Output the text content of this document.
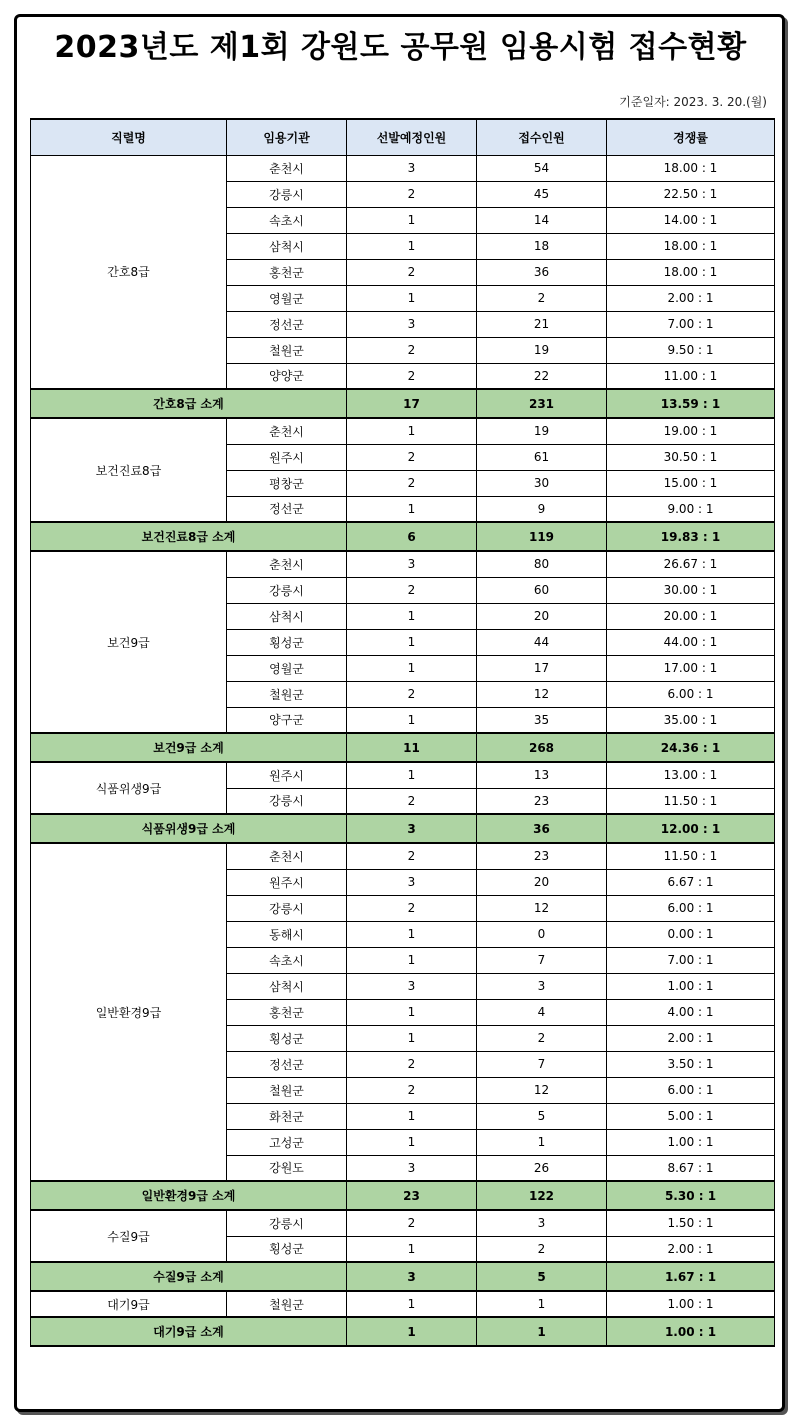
2023년도 제1회 강원도 공무원 임용시험 접수현황
기준일자: 2023. 3. 20.(월)
직렬명	임용기관	선발예정인원	접수인원	경쟁률
간호8급	춘천시	3	54	18.00 : 1
	강릉시	2	45	22.50 : 1
	속초시	1	14	14.00 : 1
	삼척시	1	18	18.00 : 1
	홍천군	2	36	18.00 : 1
	영월군	1	2	2.00 : 1
	정선군	3	21	7.00 : 1
	철원군	2	19	9.50 : 1
	양양군	2	22	11.00 : 1
간호8급 소계		17	231	13.59 : 1
보건진료8급	춘천시	1	19	19.00 : 1
	원주시	2	61	30.50 : 1
	평창군	2	30	15.00 : 1
	정선군	1	9	9.00 : 1
보건진료8급 소계		6	119	19.83 : 1
보건9급	춘천시	3	80	26.67 : 1
	강릉시	2	60	30.00 : 1
	삼척시	1	20	20.00 : 1
	횡성군	1	44	44.00 : 1
	영월군	1	17	17.00 : 1
	철원군	2	12	6.00 : 1
	양구군	1	35	35.00 : 1
보건9급 소계		11	268	24.36 : 1
식품위생9급	원주시	1	13	13.00 : 1
	강릉시	2	23	11.50 : 1
식품위생9급 소계		3	36	12.00 : 1
일반환경9급	춘천시	2	23	11.50 : 1
	원주시	3	20	6.67 : 1
	강릉시	2	12	6.00 : 1
	동해시	1	0	0.00 : 1
	속초시	1	7	7.00 : 1
	삼척시	3	3	1.00 : 1
	홍천군	1	4	4.00 : 1
	횡성군	1	2	2.00 : 1
	정선군	2	7	3.50 : 1
	철원군	2	12	6.00 : 1
	화천군	1	5	5.00 : 1
	고성군	1	1	1.00 : 1
	강원도	3	26	8.67 : 1
일반환경9급 소계		23	122	5.30 : 1
수질9급	강릉시	2	3	1.50 : 1
	횡성군	1	2	2.00 : 1
수질9급 소계		3	5	1.67 : 1
대기9급	철원군	1	1	1.00 : 1
대기9급 소계		1	1	1.00 : 1
